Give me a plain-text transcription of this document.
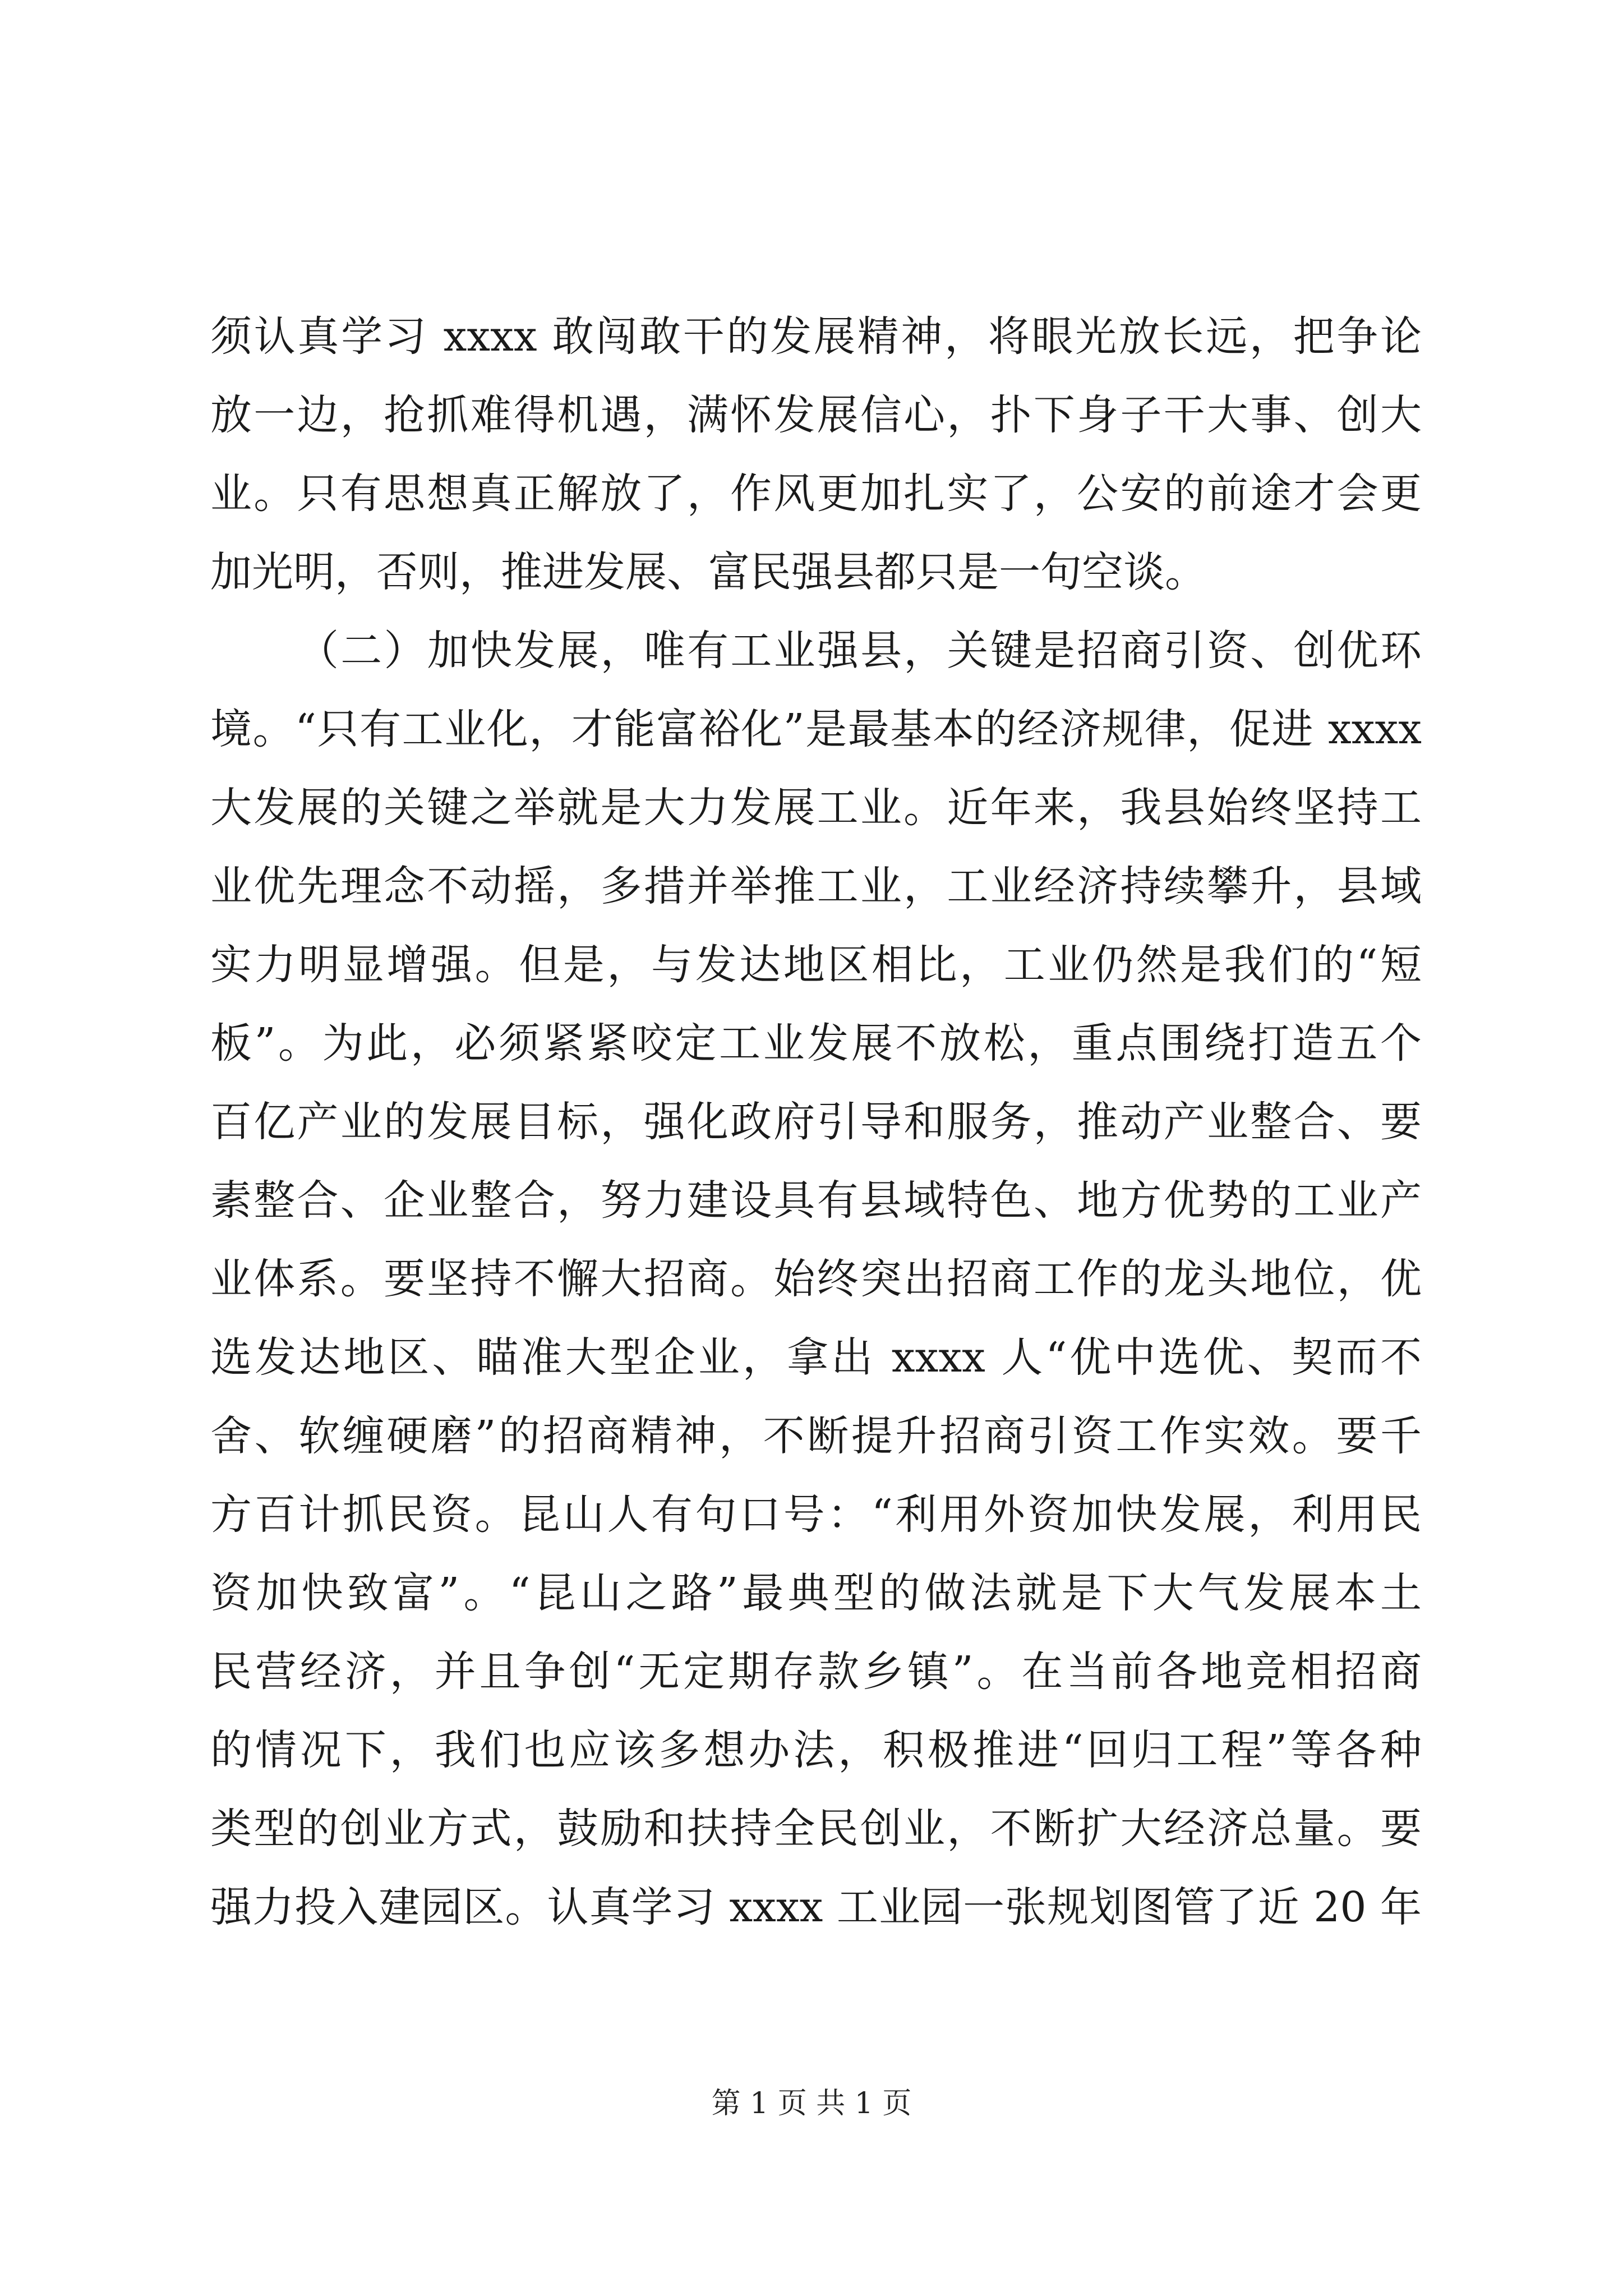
须认真学习 xxxx 敢闯敢干的发展精神，将眼光放长远，把争论
放一边，抢抓难得机遇，满怀发展信心，扑下身子干大事、创大
业。只有思想真正解放了，作风更加扎实了，公安的前途才会更
加光明，否则，推进发展、富民强县都只是一句空谈。
（二）加快发展，唯有工业强县，关键是招商引资、创优环
境。“只有工业化，才能富裕化”是最基本的经济规律，促进 xxxx
大发展的关键之举就是大力发展工业。近年来，我县始终坚持工
业优先理念不动摇，多措并举推工业，工业经济持续攀升，县域
实力明显增强。但是，与发达地区相比，工业仍然是我们的“短
板”。为此，必须紧紧咬定工业发展不放松，重点围绕打造五个
百亿产业的发展目标，强化政府引导和服务，推动产业整合、要
素整合、企业整合，努力建设具有县域特色、地方优势的工业产
业体系。要坚持不懈大招商。始终突出招商工作的龙头地位，优
选发达地区、瞄准大型企业，拿出 xxxx 人“优中选优、契而不
舍、软缠硬磨”的招商精神，不断提升招商引资工作实效。要千
方百计抓民资。昆山人有句口号：“利用外资加快发展，利用民
资加快致富”。“昆山之路”最典型的做法就是下大气发展本土
民营经济，并且争创“无定期存款乡镇”。在当前各地竞相招商
的情况下，我们也应该多想办法，积极推进“回归工程”等各种
类型的创业方式，鼓励和扶持全民创业，不断扩大经济总量。要
强力投入建园区。认真学习 xxxx 工业园一张规划图管了近 20 年
第 1 页 共 1 页
